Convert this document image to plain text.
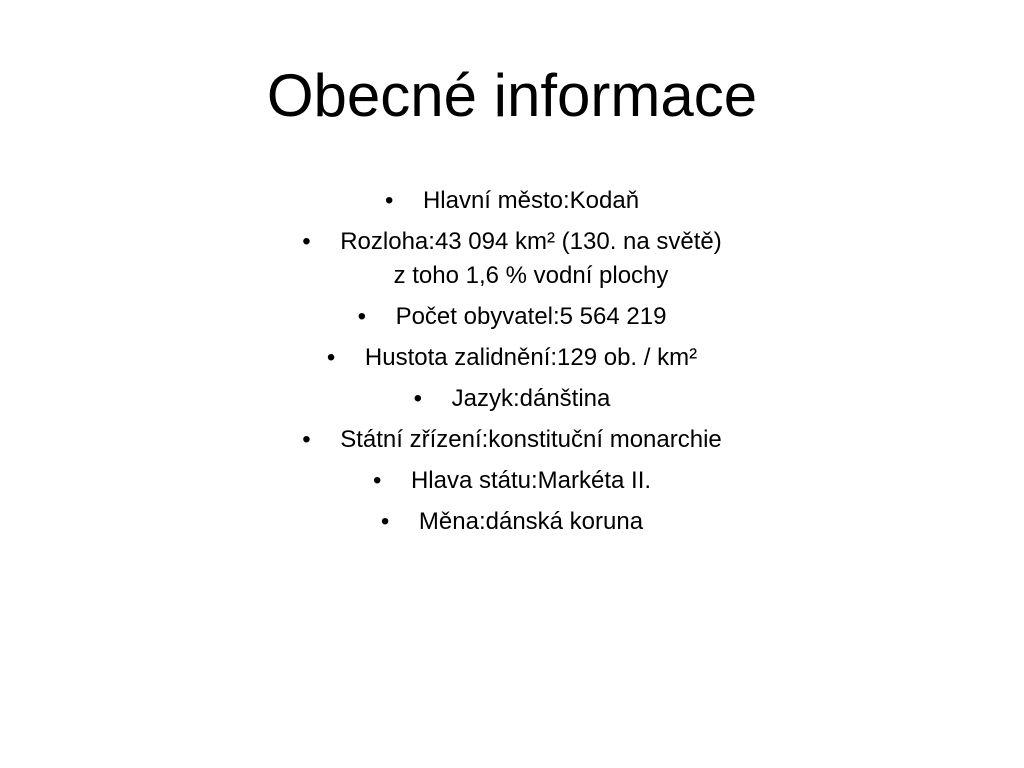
Obecné informace
•	Hlavní město:Kodaň
•	Rozloha:43 094 km² (130. na světě)
z toho 1,6 % vodní plochy
•	Počet obyvatel:5 564 219
•	Hustota zalidnění:129 ob. / km²
•	Jazyk:dánština
•	Státní zřízení:konstituční monarchie
•	Hlava státu:Markéta II.
•	Měna:dánská koruna
